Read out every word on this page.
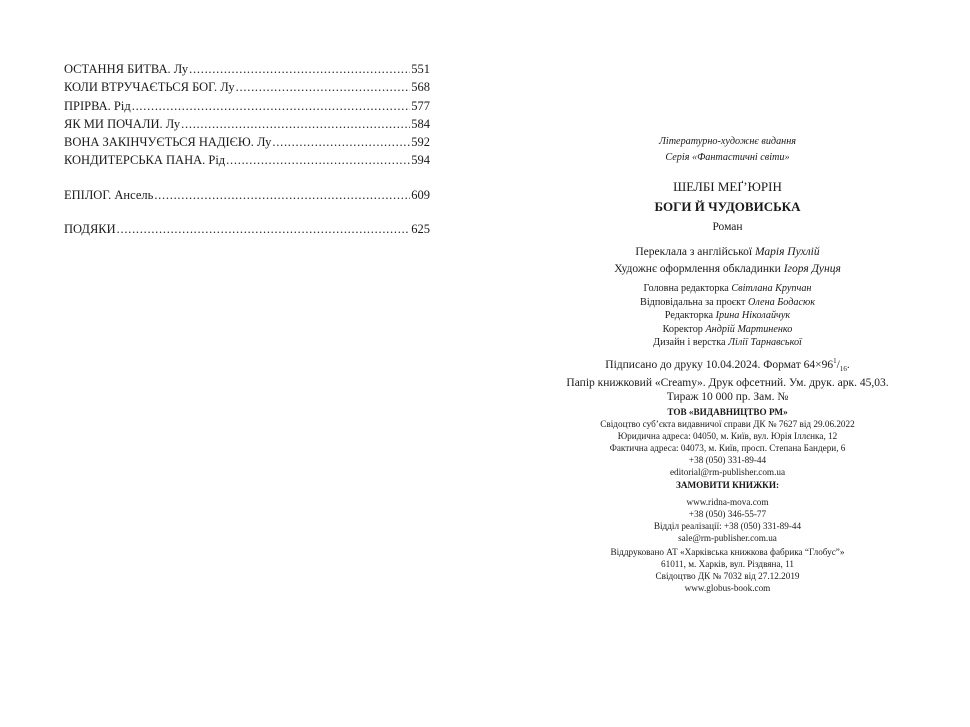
ОСТАННЯ БИТВА. Лу . . .	551
КОЛИ ВТРУЧАЄТЬСЯ БОГ. Лу . . .	568
ПРІРВА. Рід . . .	577
ЯК МИ ПОЧАЛИ. Лу . . .	584
ВОНА ЗАКІНЧУЄТЬСЯ НАДІЄЮ. Лу . . .	592
КОНДИТЕРСЬКА ПАНА. Рід . . .	594
ЕПІЛОГ. Ансель . . .	609
ПОДЯКИ . . .	625
Літературно-художнє видання
Серія «Фантастичні світи»
ШЕЛБІ МЕҐ’ЮРІН
БОГИ Й ЧУДОВИСЬКА
Роман
Переклала з англійської Марія Пухлій
Художнє оформлення обкладинки Ігоря Дунця
Головна редакторка Світлана Крупчан
Відповідальна за проєкт Олена Бодасюк
Редакторка Ірина Ніколайчук
Коректор Андрій Мартиненко
Дизайн і верстка Лілії Тарнавської
Підписано до друку 10.04.2024. Формат $64\times 96^1/_{16}$.
Папір книжковий «Creamy». Друк офсетний. Ум. друк. арк. 45,03.
Тираж 10 000 пр. Зам. №
ТОВ «ВИДАВНИЦТВО РМ»
Свідоцтво суб’єкта видавничої справи ДК № 7627 від 29.06.2022
Юридична адреса: 04050, м. Київ, вул. Юрія Іллєнка, 12
Фактична адреса: 04073, м. Київ, просп. Степана Бандери, 6
+38 (050) 331-89-44
editorial@rm-publisher.com.ua
ЗАМОВИТИ КНИЖКИ:
www.ridna-mova.com
+38 (050) 346-55-77
Відділ реалізації: +38 (050) 331-89-44
sale@rm-publisher.com.ua
Віддруковано АТ «Харківська книжкова фабрика “Глобус”»
61011, м. Харків, вул. Різдвяна, 11
Свідоцтво ДК № 7032 від 27.12.2019
www.globus-book.com
